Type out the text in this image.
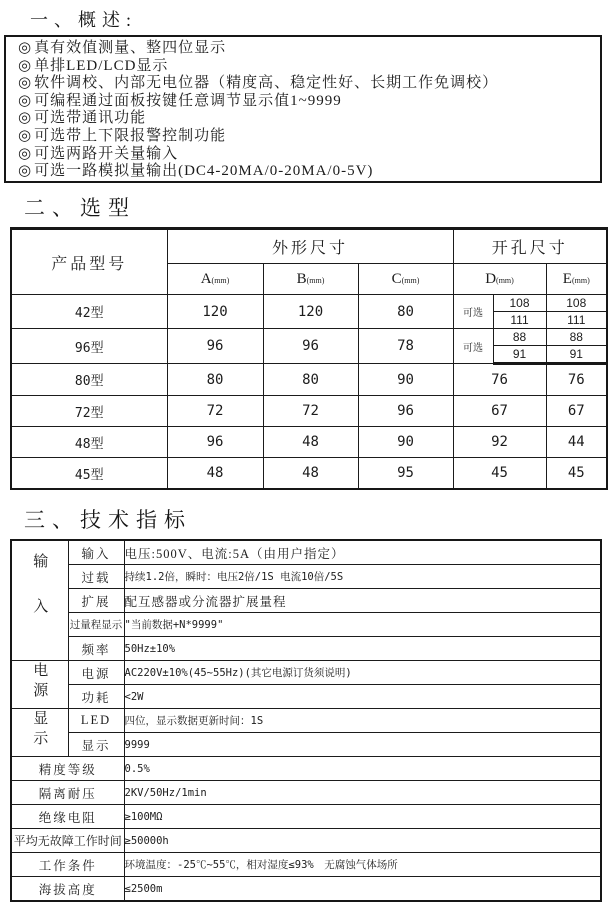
一、概述:
◎ 真有效值测量、整四位显示
◎ 单排LED/LCD显示
◎ 软件调校、内部无电位器（精度高、稳定性好、长期工作免调校）
◎ 可编程通过面板按键任意调节显示值1~9999
◎ 可选带通讯功能
◎ 可选带上下限报警控制功能
◎ 可选两路开关量输入
◎ 可选一路模拟量输出(DC4-20MA/0-20MA/0-5V)
二、选型
产品型号	外形尺寸			开孔尺寸		
	A(mm)	B(mm)	C(mm)	D(mm)		E(mm)
42型	120	120	80	可选	108	108
					111	111
96型	96	96	78	可选	88	88
					91	91
80型	80	80	90	76		76
72型	72	72	96	67		67
48型	96	48	90	92		44
45型	48	48	95	45		45
三、技术指标
输入	输入	电压:500V、电流:5A（由用户指定）
	过载	持续1.2倍，瞬时：电压2倍/1S 电流10倍/5S
	扩展	配互感器或分流器扩展量程
	过量程显示	"当前数据+N*9999"
	频率	50Hz±10%
电源	电源	AC220V±10%(45~55Hz)(其它电源订货须说明)
	功耗	<2W
显示	LED	四位，显示数据更新时间：1S
	显示	9999
精度等级		0.5%
隔离耐压		2KV/50Hz/1min
绝缘电阻		≥100MΩ
平均无故障工作时间		≥50000h
工作条件		环境温度：-25℃~55℃，相对湿度≤93%　无腐蚀气体场所
海拔高度		≤2500m
